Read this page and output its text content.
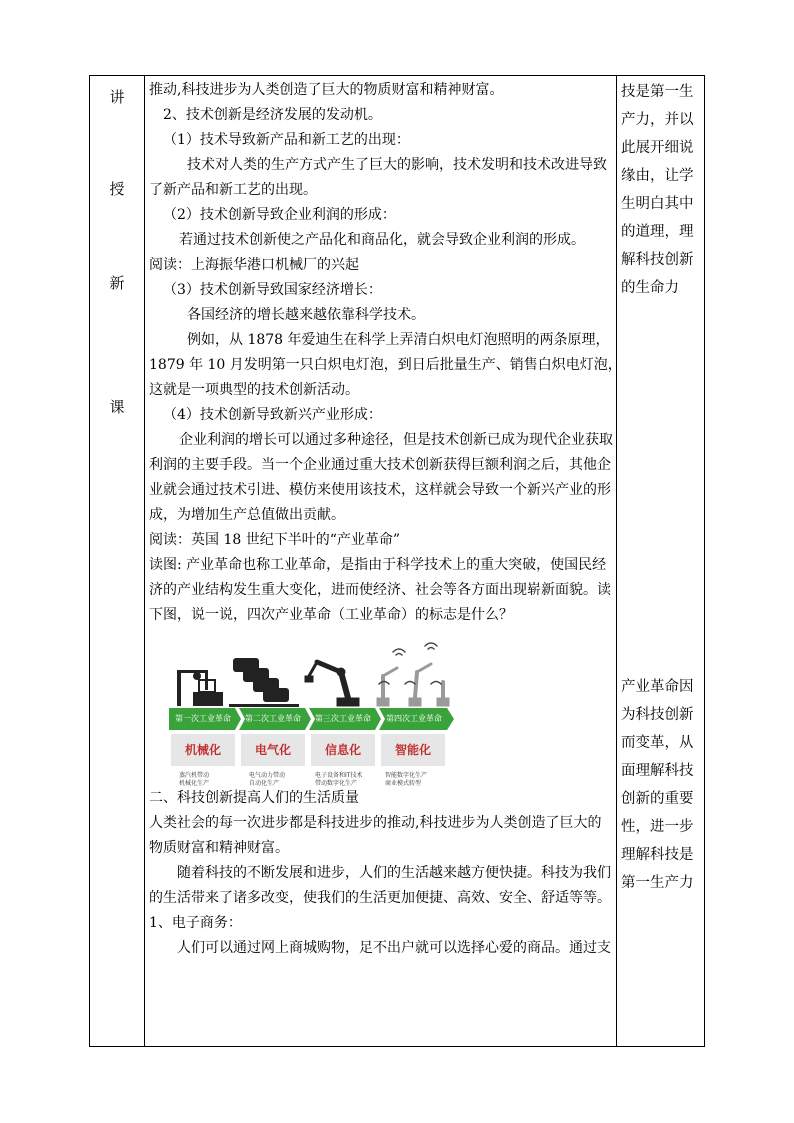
讲
授
新
课

推动,科技进步为人类创造了巨大的物质财富和精神财富。

2、技术创新是经济发展的发动机。

（1）技术导致新产品和新工艺的出现：

技术对人类的生产方式产生了巨大的影响，技术发明和技术改进导致

了新产品和新工艺的出现。

（2）技术创新导致企业利润的形成：

若通过技术创新使之产品化和商品化，就会导致企业利润的形成。

阅读：上海振华港口机械厂的兴起

（3）技术创新导致国家经济增长：

各国经济的增长越来越依靠科学技术。

例如，从 1878 年爱迪生在科学上弄清白炽电灯泡照明的两条原理，

1879 年 10 月发明第一只白炽电灯泡，到日后批量生产、销售白炽电灯泡，

这就是一项典型的技术创新活动。

（4）技术创新导致新兴产业形成：

企业利润的增长可以通过多种途径，但是技术创新已成为现代企业获取

利润的主要手段。当一个企业通过重大技术创新获得巨额利润之后，其他企

业就会通过技术引进、模仿来使用该技术，这样就会导致一个新兴产业的形

成，为增加生产总值做出贡献。

阅读：英国 18 世纪下半叶的“产业革命”

读图: 产业革命也称工业革命，是指由于科学技术上的重大突破，使国民经

济的产业结构发生重大变化，进而使经济、社会等各方面出现崭新面貌。读

下图，说一说，四次产业革命（工业革命）的标志是什么？

第一次工业革命	第二次工业革命	第三次工业革命	第四次工业革命
机械化	电气化	信息化	智能化
蒸汽机带动
机械化生产
电气动力带动
自动化生产
电子设备和IT技术
带动数字化生产
智能数字化生产
商业模式转型

二、科技创新提高人们的生活质量

人类社会的每一次进步都是科技进步的推动,科技进步为人类创造了巨大的

物质财富和精神财富。

随着科技的不断发展和进步，人们的生活越来越方便快捷。科技为我们

的生活带来了诸多改变，使我们的生活更加便捷、高效、安全、舒适等等。

1、电子商务：

人们可以通过网上商城购物，足不出户就可以选择心爱的商品。通过支

技是第一生

产力，并以

此展开细说

缘由，让学

生明白其中

的道理，理

解科技创新

的生命力

产业革命因

为科技创新

而变革，从

面理解科技

创新的重要

性，进一步

理解科技是

第一生产力
